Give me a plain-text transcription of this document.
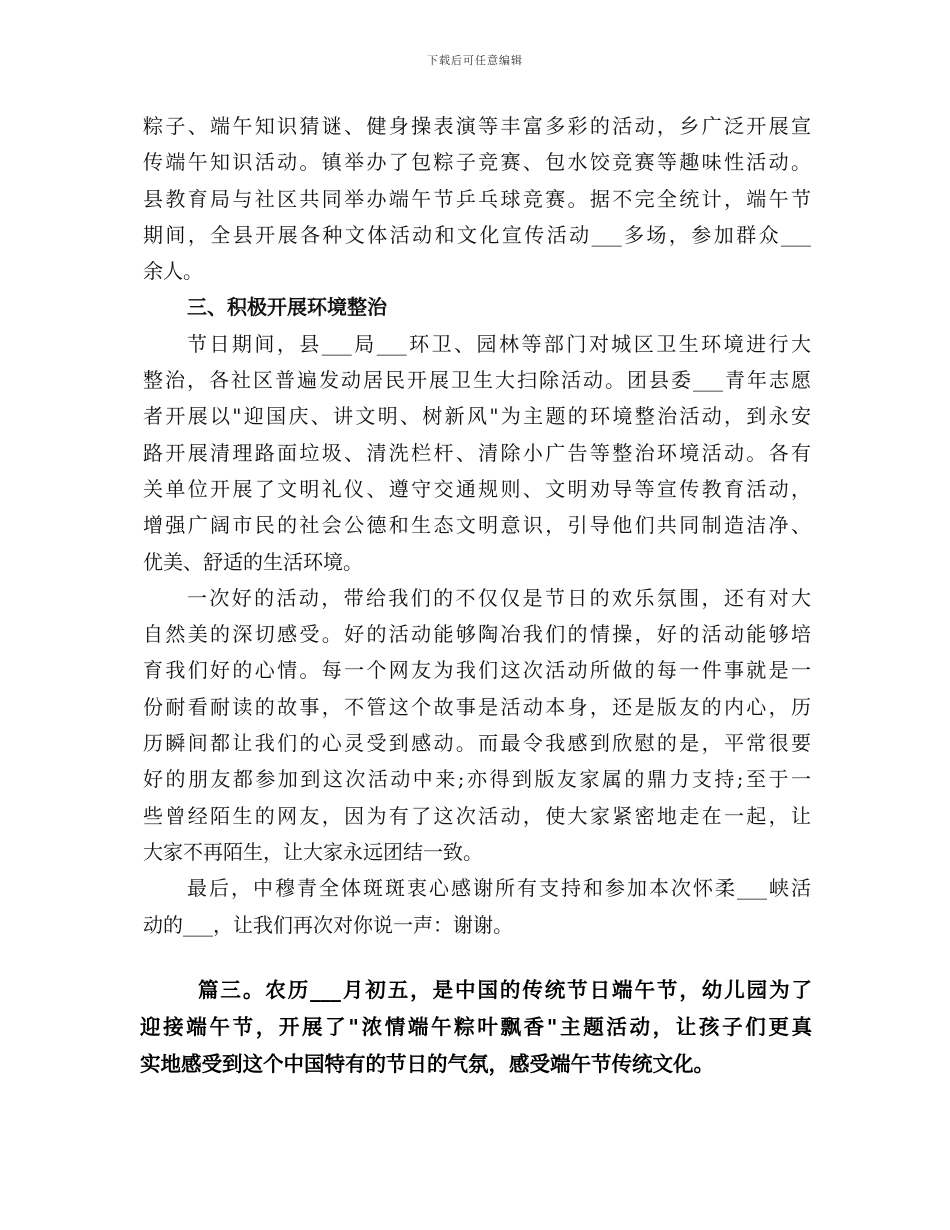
下载后可任意编辑
粽子、端午知识猜谜、健身操表演等丰富多彩的活动，乡广泛开展宣
传端午知识活动。镇举办了包粽子竞赛、包水饺竞赛等趣味性活动。
县教育局与社区共同举办端午节乒乓球竞赛。据不完全统计，端午节
期间，全县开展各种文体活动和文化宣传活动___多场，参加群众___
余人。
三、积极开展环境整治
节日期间，县___局___环卫、园林等部门对城区卫生环境进行大
整治，各社区普遍发动居民开展卫生大扫除活动。团县委___青年志愿
者开展以"迎国庆、讲文明、树新风"为主题的环境整治活动，到永安
路开展清理路面垃圾、清洗栏杆、清除小广告等整治环境活动。各有
关单位开展了文明礼仪、遵守交通规则、文明劝导等宣传教育活动，
增强广阔市民的社会公德和生态文明意识，引导他们共同制造洁净、
优美、舒适的生活环境。
一次好的活动，带给我们的不仅仅是节日的欢乐氛围，还有对大
自然美的深切感受。好的活动能够陶冶我们的情操，好的活动能够培
育我们好的心情。每一个网友为我们这次活动所做的每一件事就是一
份耐看耐读的故事，不管这个故事是活动本身，还是版友的内心，历
历瞬间都让我们的心灵受到感动。而最令我感到欣慰的是，平常很要
好的朋友都参加到这次活动中来;亦得到版友家属的鼎力支持;至于一
些曾经陌生的网友，因为有了这次活动，使大家紧密地走在一起，让
大家不再陌生，让大家永远团结一致。
最后，中穆青全体斑斑衷心感谢所有支持和参加本次怀柔___峡活
动的___，让我们再次对你说一声：谢谢。
篇三。农历___月初五，是中国的传统节日端午节，幼儿园为了
迎接端午节，开展了"浓情端午粽叶飘香"主题活动，让孩子们更真
实地感受到这个中国特有的节日的气氛，感受端午节传统文化。
